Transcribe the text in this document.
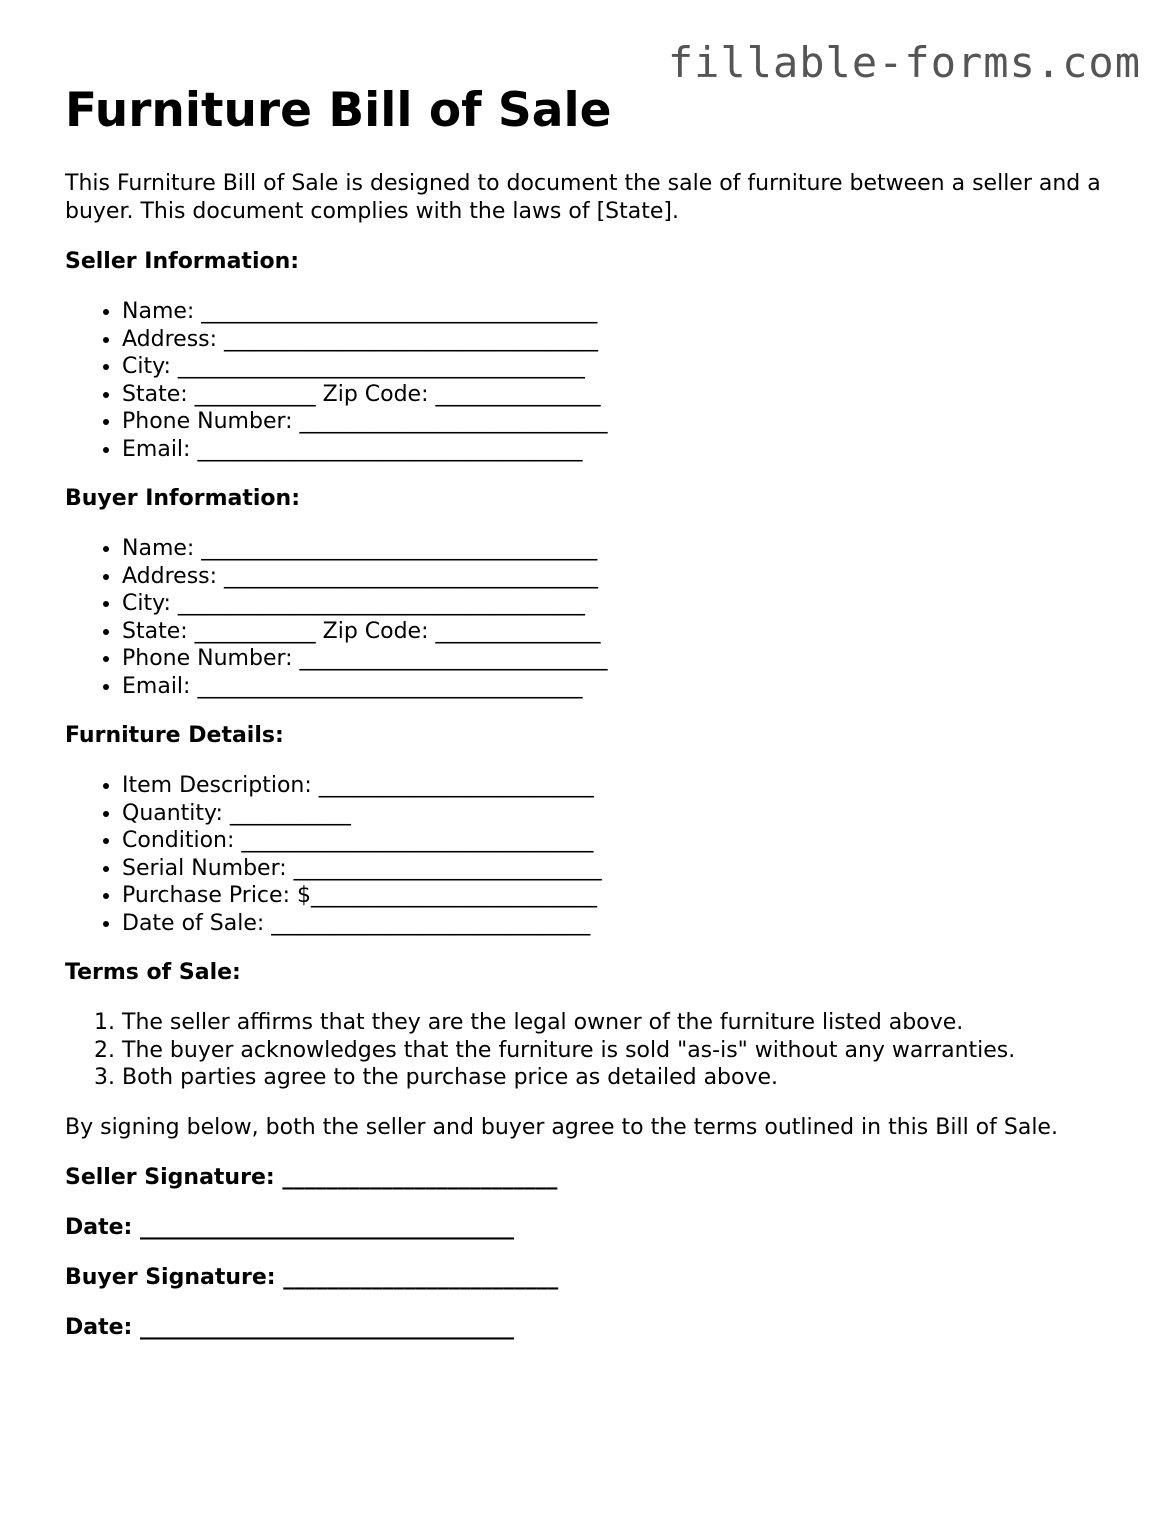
fillable-forms.com
Furniture Bill of Sale

This Furniture Bill of Sale is designed to document the sale of furniture between a seller and a buyer. This document complies with the laws of [State].

Seller Information:

• Name: ____________________________________
• Address: __________________________________
• City: _____________________________________
• State: ___________ Zip Code: _______________
• Phone Number: ____________________________
• Email: ___________________________________

Buyer Information:

• Name: ____________________________________
• Address: __________________________________
• City: _____________________________________
• State: ___________ Zip Code: _______________
• Phone Number: ____________________________
• Email: ___________________________________

Furniture Details:

• Item Description: _________________________
• Quantity: ___________
• Condition: ________________________________
• Serial Number: ____________________________
• Purchase Price: $__________________________
• Date of Sale: _____________________________

Terms of Sale:

1. The seller affirms that they are the legal owner of the furniture listed above.
2. The buyer acknowledges that the furniture is sold "as-is" without any warranties.
3. Both parties agree to the purchase price as detailed above.

By signing below, both the seller and buyer agree to the terms outlined in this Bill of Sale.

Seller Signature: _________________________

Date: __________________________________

Buyer Signature: _________________________

Date: __________________________________
